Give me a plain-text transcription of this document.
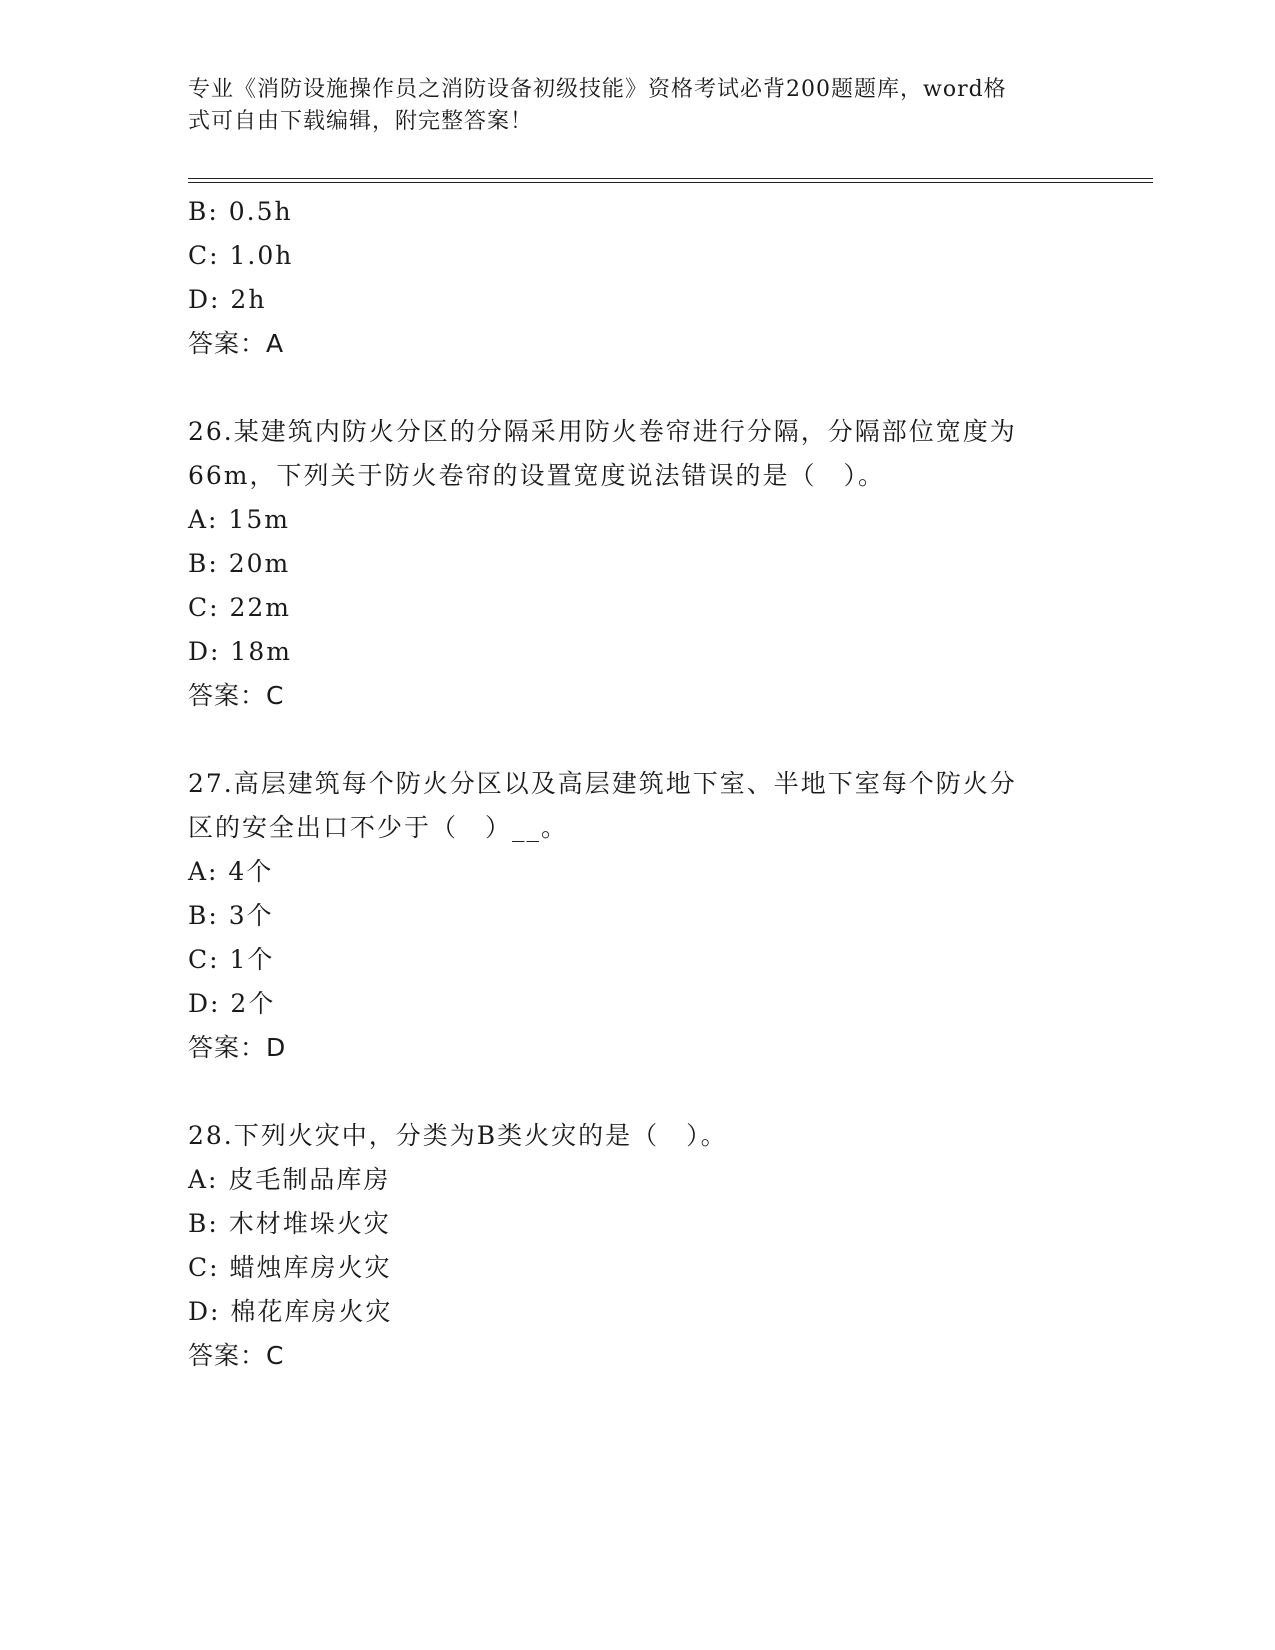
专业《消防设施操作员之消防设备初级技能》资格考试必背200题题库，word格
式可自由下载编辑，附完整答案！
B: 0.5h
C: 1.0h
D: 2h
答案：A
26.某建筑内防火分区的分隔采用防火卷帘进行分隔，分隔部位宽度为
66m，下列关于防火卷帘的设置宽度说法错误的是（　）。
A: 15m
B: 20m
C: 22m
D: 18m
答案：C
27.高层建筑每个防火分区以及高层建筑地下室、半地下室每个防火分
区的安全出口不少于（　）__。
A: 4个
B: 3个
C: 1个
D: 2个
答案：D
28.下列火灾中，分类为B类火灾的是（　）。
A: 皮毛制品库房
B: 木材堆垛火灾
C: 蜡烛库房火灾
D: 棉花库房火灾
答案：C
